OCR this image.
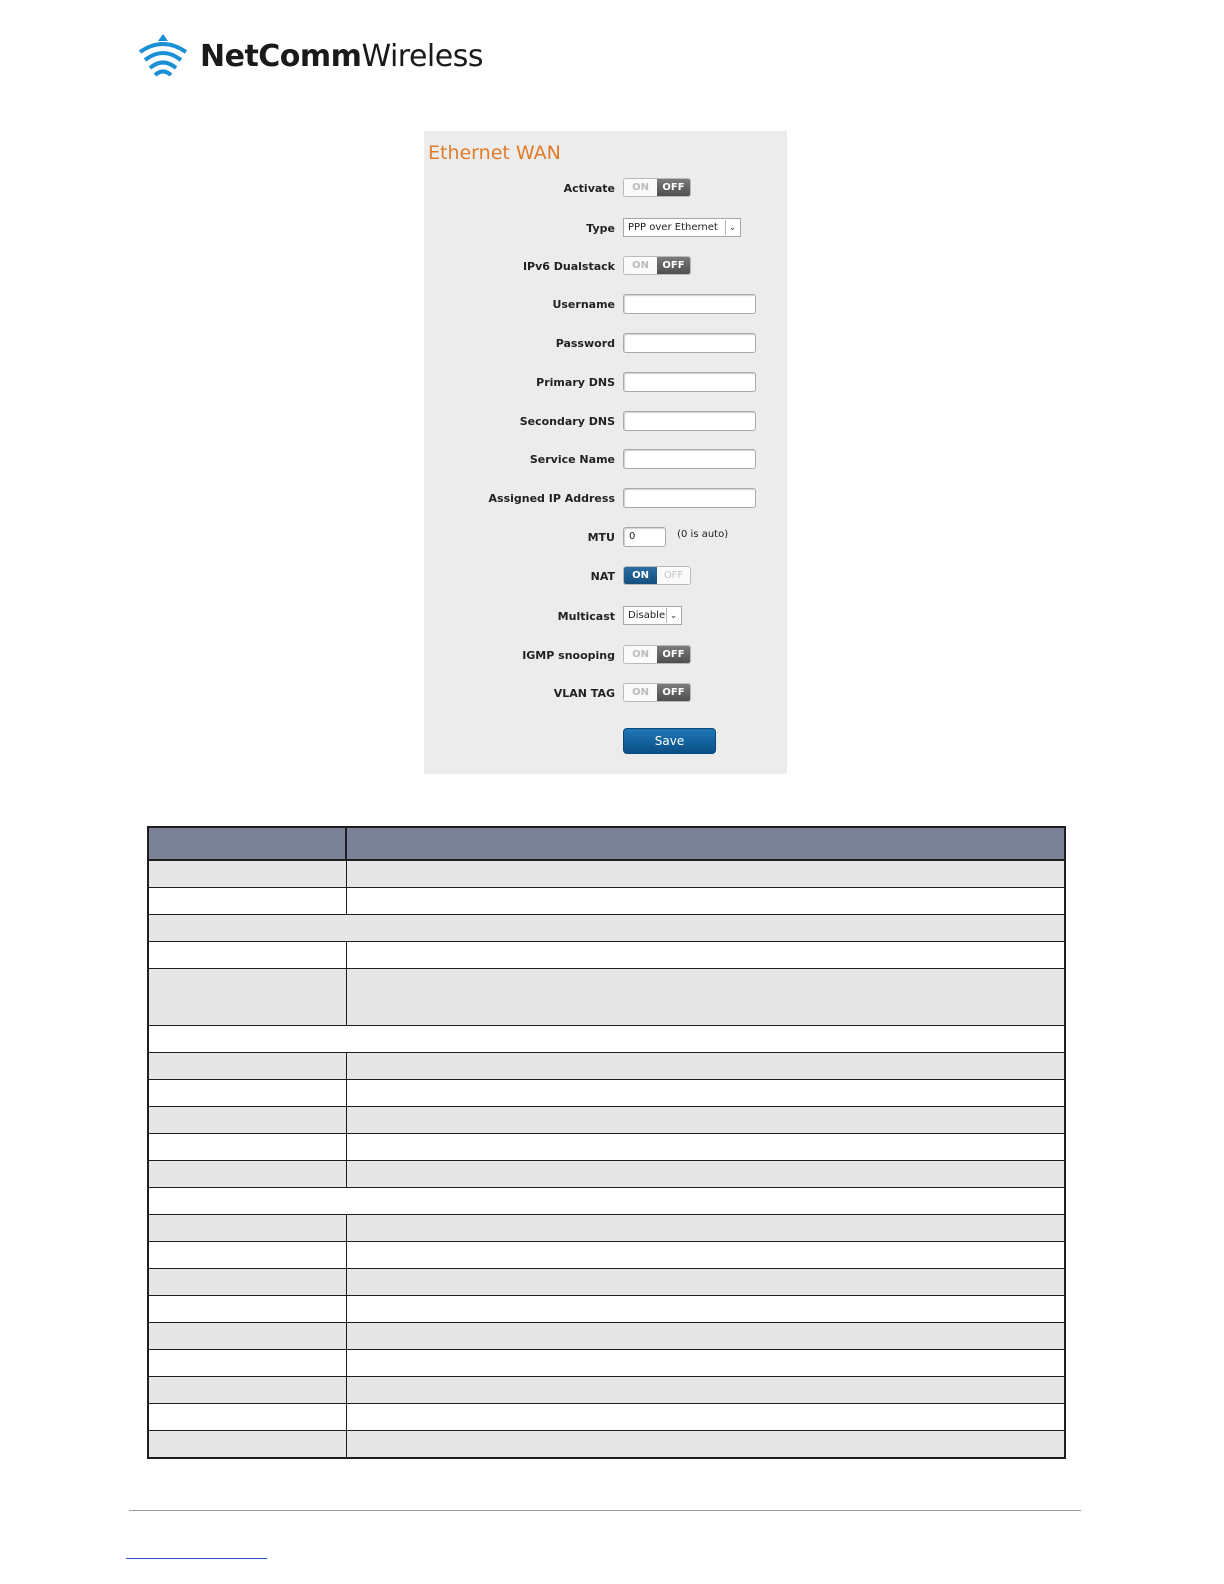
NetCommWireless
Ethernet WAN
Activate	ON	OFF
Type	PPP over Ethernet	⌄
IPv6 Dualstack	ON	OFF
Username
Password
Primary DNS
Secondary DNS
Service Name
Assigned IP Address
MTU	0	(0 is auto)
NAT	ON	OFF
Multicast	Disable ⌄
IGMP snooping	ON	OFF
VLAN TAG	ON	OFF
Save
